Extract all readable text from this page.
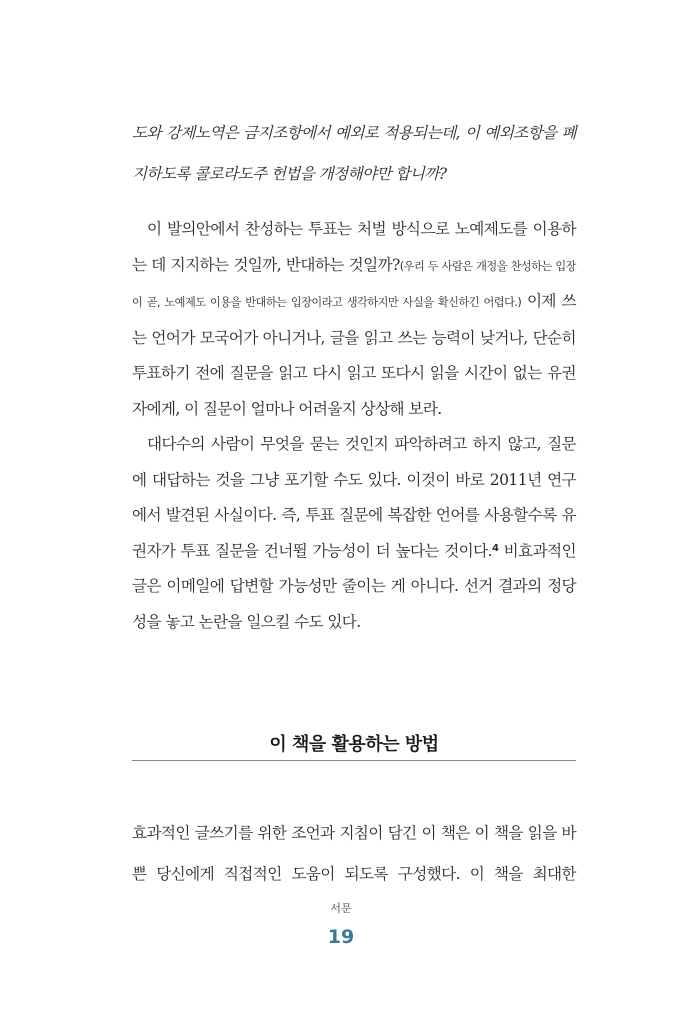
도와 강제노역은 금지조항에서 예외로 적용되는데, 이 예외조항을 폐지하도록 콜로라도주 헌법을 개정해야만 합니까?

이 발의안에서 찬성하는 투표는 처벌 방식으로 노예제도를 이용하는 데 지지하는 것일까, 반대하는 것일까?(우리 두 사람은 개정을 찬성하는 입장이 곧, 노예제도 이용을 반대하는 입장이라고 생각하지만 사실을 확신하긴 어렵다.) 이제 쓰는 언어가 모국어가 아니거나, 글을 읽고 쓰는 능력이 낮거나, 단순히 투표하기 전에 질문을 읽고 다시 읽고 또다시 읽을 시간이 없는 유권자에게, 이 질문이 얼마나 어려울지 상상해 보라.

대다수의 사람이 무엇을 묻는 것인지 파악하려고 하지 않고, 질문에 대답하는 것을 그냥 포기할 수도 있다. 이것이 바로 2011년 연구에서 발견된 사실이다. 즉, 투표 질문에 복잡한 언어를 사용할수록 유권자가 투표 질문을 건너뛸 가능성이 더 높다는 것이다.$^4$ 비효과적인 글은 이메일에 답변할 가능성만 줄이는 게 아니다. 선거 결과의 정당성을 놓고 논란을 일으킬 수도 있다.

이 책을 활용하는 방법

효과적인 글쓰기를 위한 조언과 지침이 담긴 이 책은 이 책을 읽을 바쁜 당신에게 직접적인 도움이 되도록 구성했다. 이 책을 최대한

서문
19
